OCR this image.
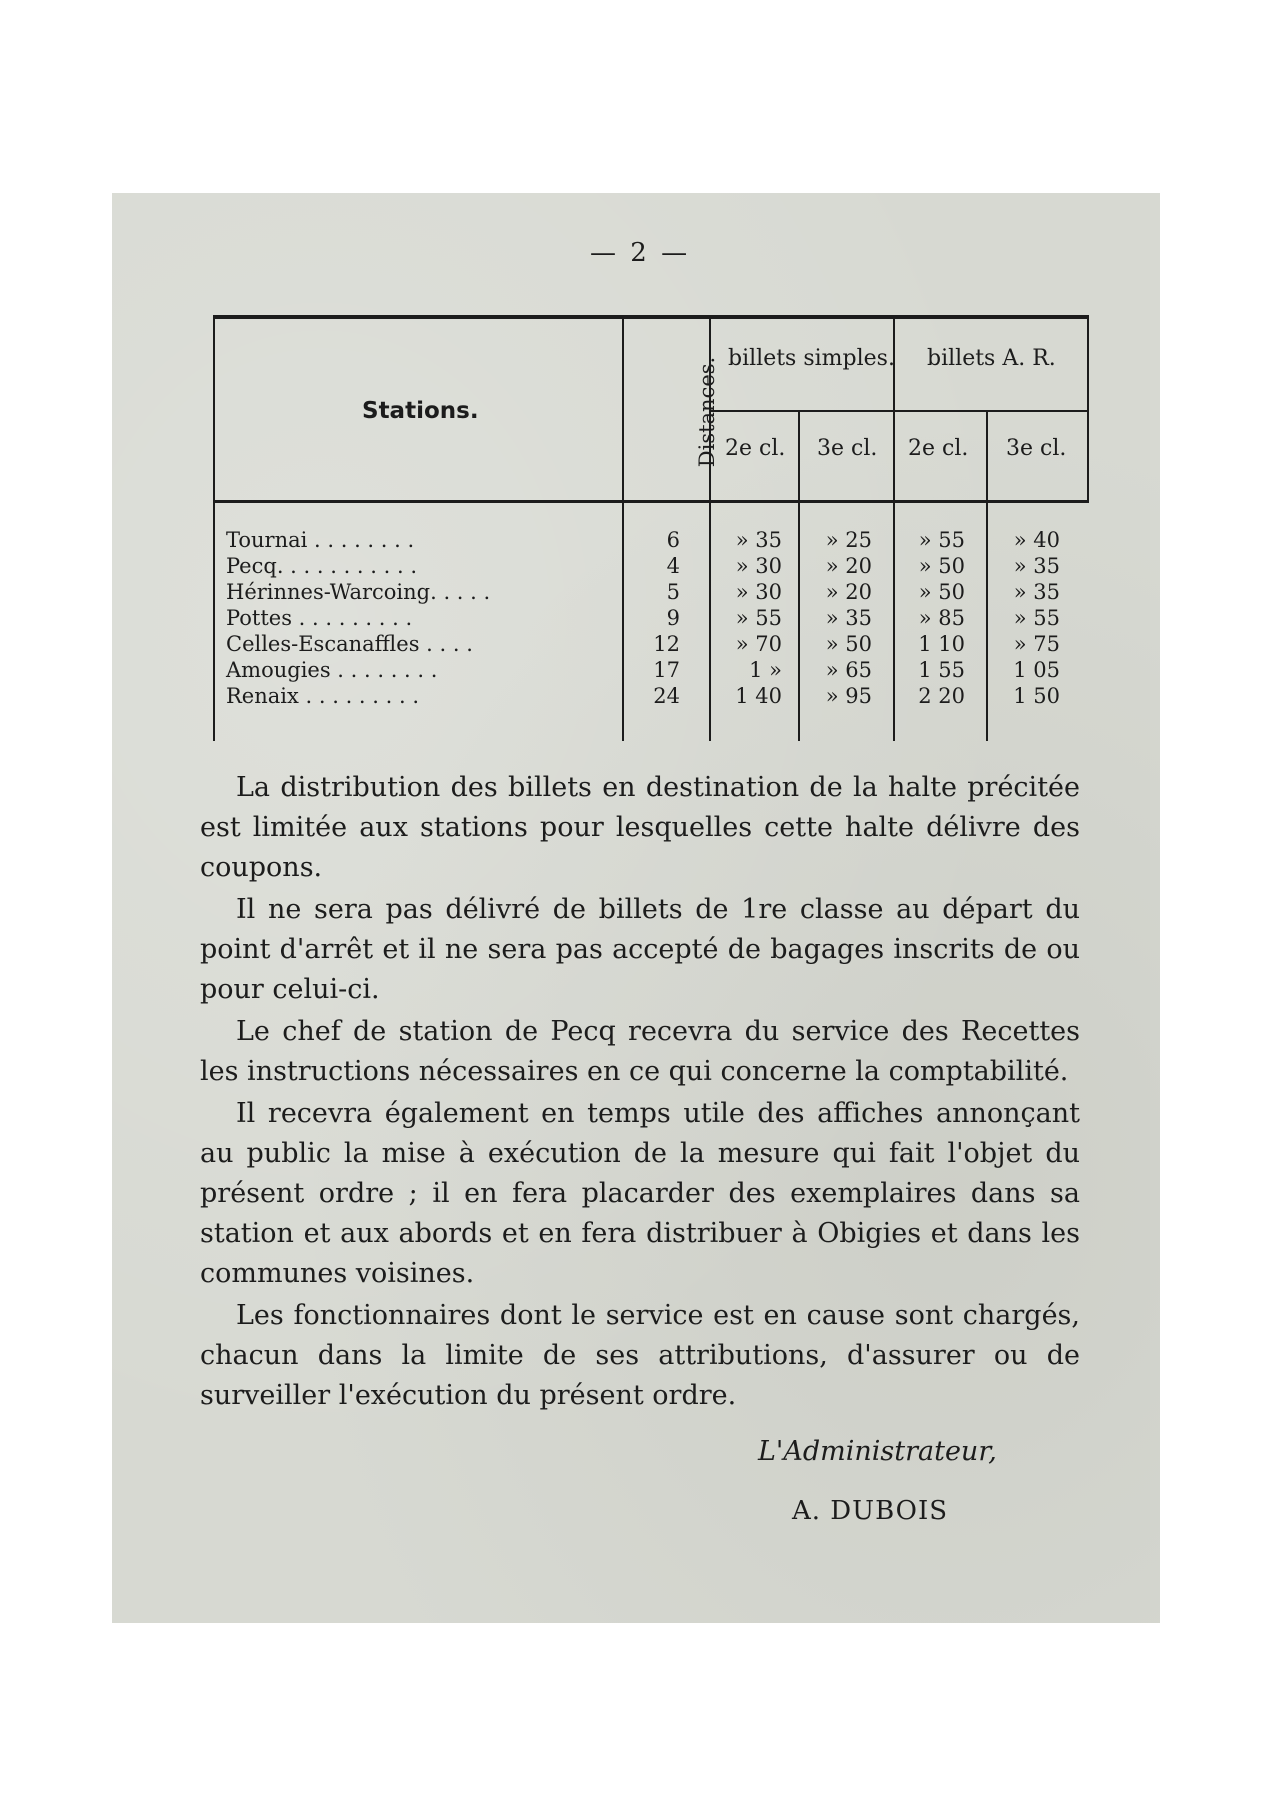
— 2 —
Stations.	Distances. billets simples. billets A. R.
2e cl. 3e cl. 2e cl. 3e cl.
Tournai . . . . . . . .	6	» 35	» 25	» 55	» 40
Pecq. . . . . . . . . . .	4	» 30	» 20	» 50	» 35
Hérinnes-Warcoing. . . . .	5	» 30	» 20	» 50	» 35
Pottes . . . . . . . . .	9	» 55	» 35	» 85	» 55
Celles-Escanaffles . . . .	12	» 70	» 50	1 10	» 75
Amougies . . . . . . . .	17	1 »	» 65	1 55	1 05
Renaix . . . . . . . . .	24	1 40	» 95	2 20	1 50

La distribution des billets en destination de la halte précitée est limitée aux stations pour lesquelles cette halte délivre des coupons.

Il ne sera pas délivré de billets de 1re classe au départ du point d'arrêt et il ne sera pas accepté de bagages inscrits de ou pour celui-ci.

Le chef de station de Pecq recevra du service des Recettes les instructions nécessaires en ce qui concerne la comptabilité.

Il recevra également en temps utile des affiches annonçant au public la mise à exécution de la mesure qui fait l'objet du présent ordre ; il en fera placarder des exemplaires dans sa station et aux abords et en fera distribuer à Obigies et dans les communes voisines.

Les fonctionnaires dont le service est en cause sont chargés, chacun dans la limite de ses attributions, d'assurer ou de surveiller l'exécution du présent ordre.

L'Administrateur,
A. DUBOIS
